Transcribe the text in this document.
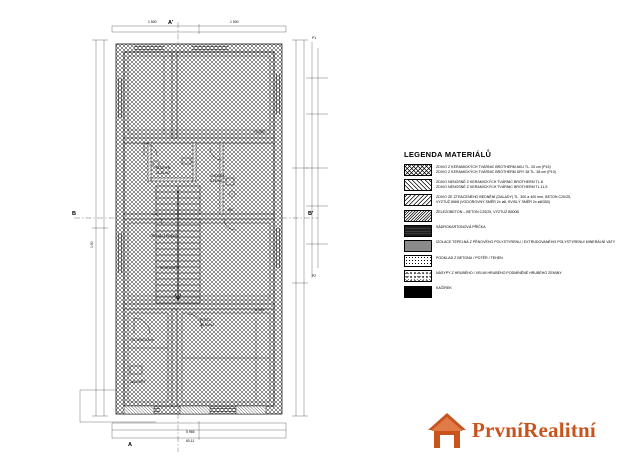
A
A'
B	B'
1 500	1 500
5 965
60,11
KUCHYŇ
11,20 m2
CHODBA
8,15 m2
SCHODIŠTĚ
POKOJ
14,30 m2
TECHNICKÁ M.
OBÝVACÍ POKOJ
WC
ZÁDVEŘÍ
1:50
+0,000
-0,150
P1
P2
LEGENDA MATERIÁLŮ
ZDIVO Z KERAMICKÝCH TVÁRNIC BROTHERM AKU TL. 25 cm (P15)
ZDIVO Z KERAMICKÝCH TVÁRNIC BROTHERM DRY 38 TL. 38 cm (P10)
ZDIVO NENOSNÉ Z KERAMICKÝCH TVÁRNIC BROTHERM TL.8
ZDIVO NENOSNÉ Z KERAMICKÝCH TVÁRNIC BROTHERM TL.11,5
ZDIVO ZE ZTRACENÉHO BEDNĚNÍ (DALADY) TL. 300 a 400 mm, BETON C20/25,
VYZTUŽ 8/8/8 (VODOROVNÝ SMĚR 2x ø8, SVISLÝ SMĚR 2x ø8/350)
ŽELEZOBETON – BETON C20/25, VÝZTUŽ B500B
SÁDROKARTONOVÁ PŘÍČKA
IZOLACE TEPELNÁ Z PĚNOVÉHO POLYSTYRENU / EXTRUDOVANÉHO POLYSTYRENU/ MINERÁLNÍ VATY
PODKLAD Z BETONU / POTĚR / TEHEN
NÁSYPY Z HRUBÉHO / VELMI HRUBÉHO PODMÍNĚNÉ HRUBÉHO ZEMINY
KAČÍREK
PrvníRealitní
